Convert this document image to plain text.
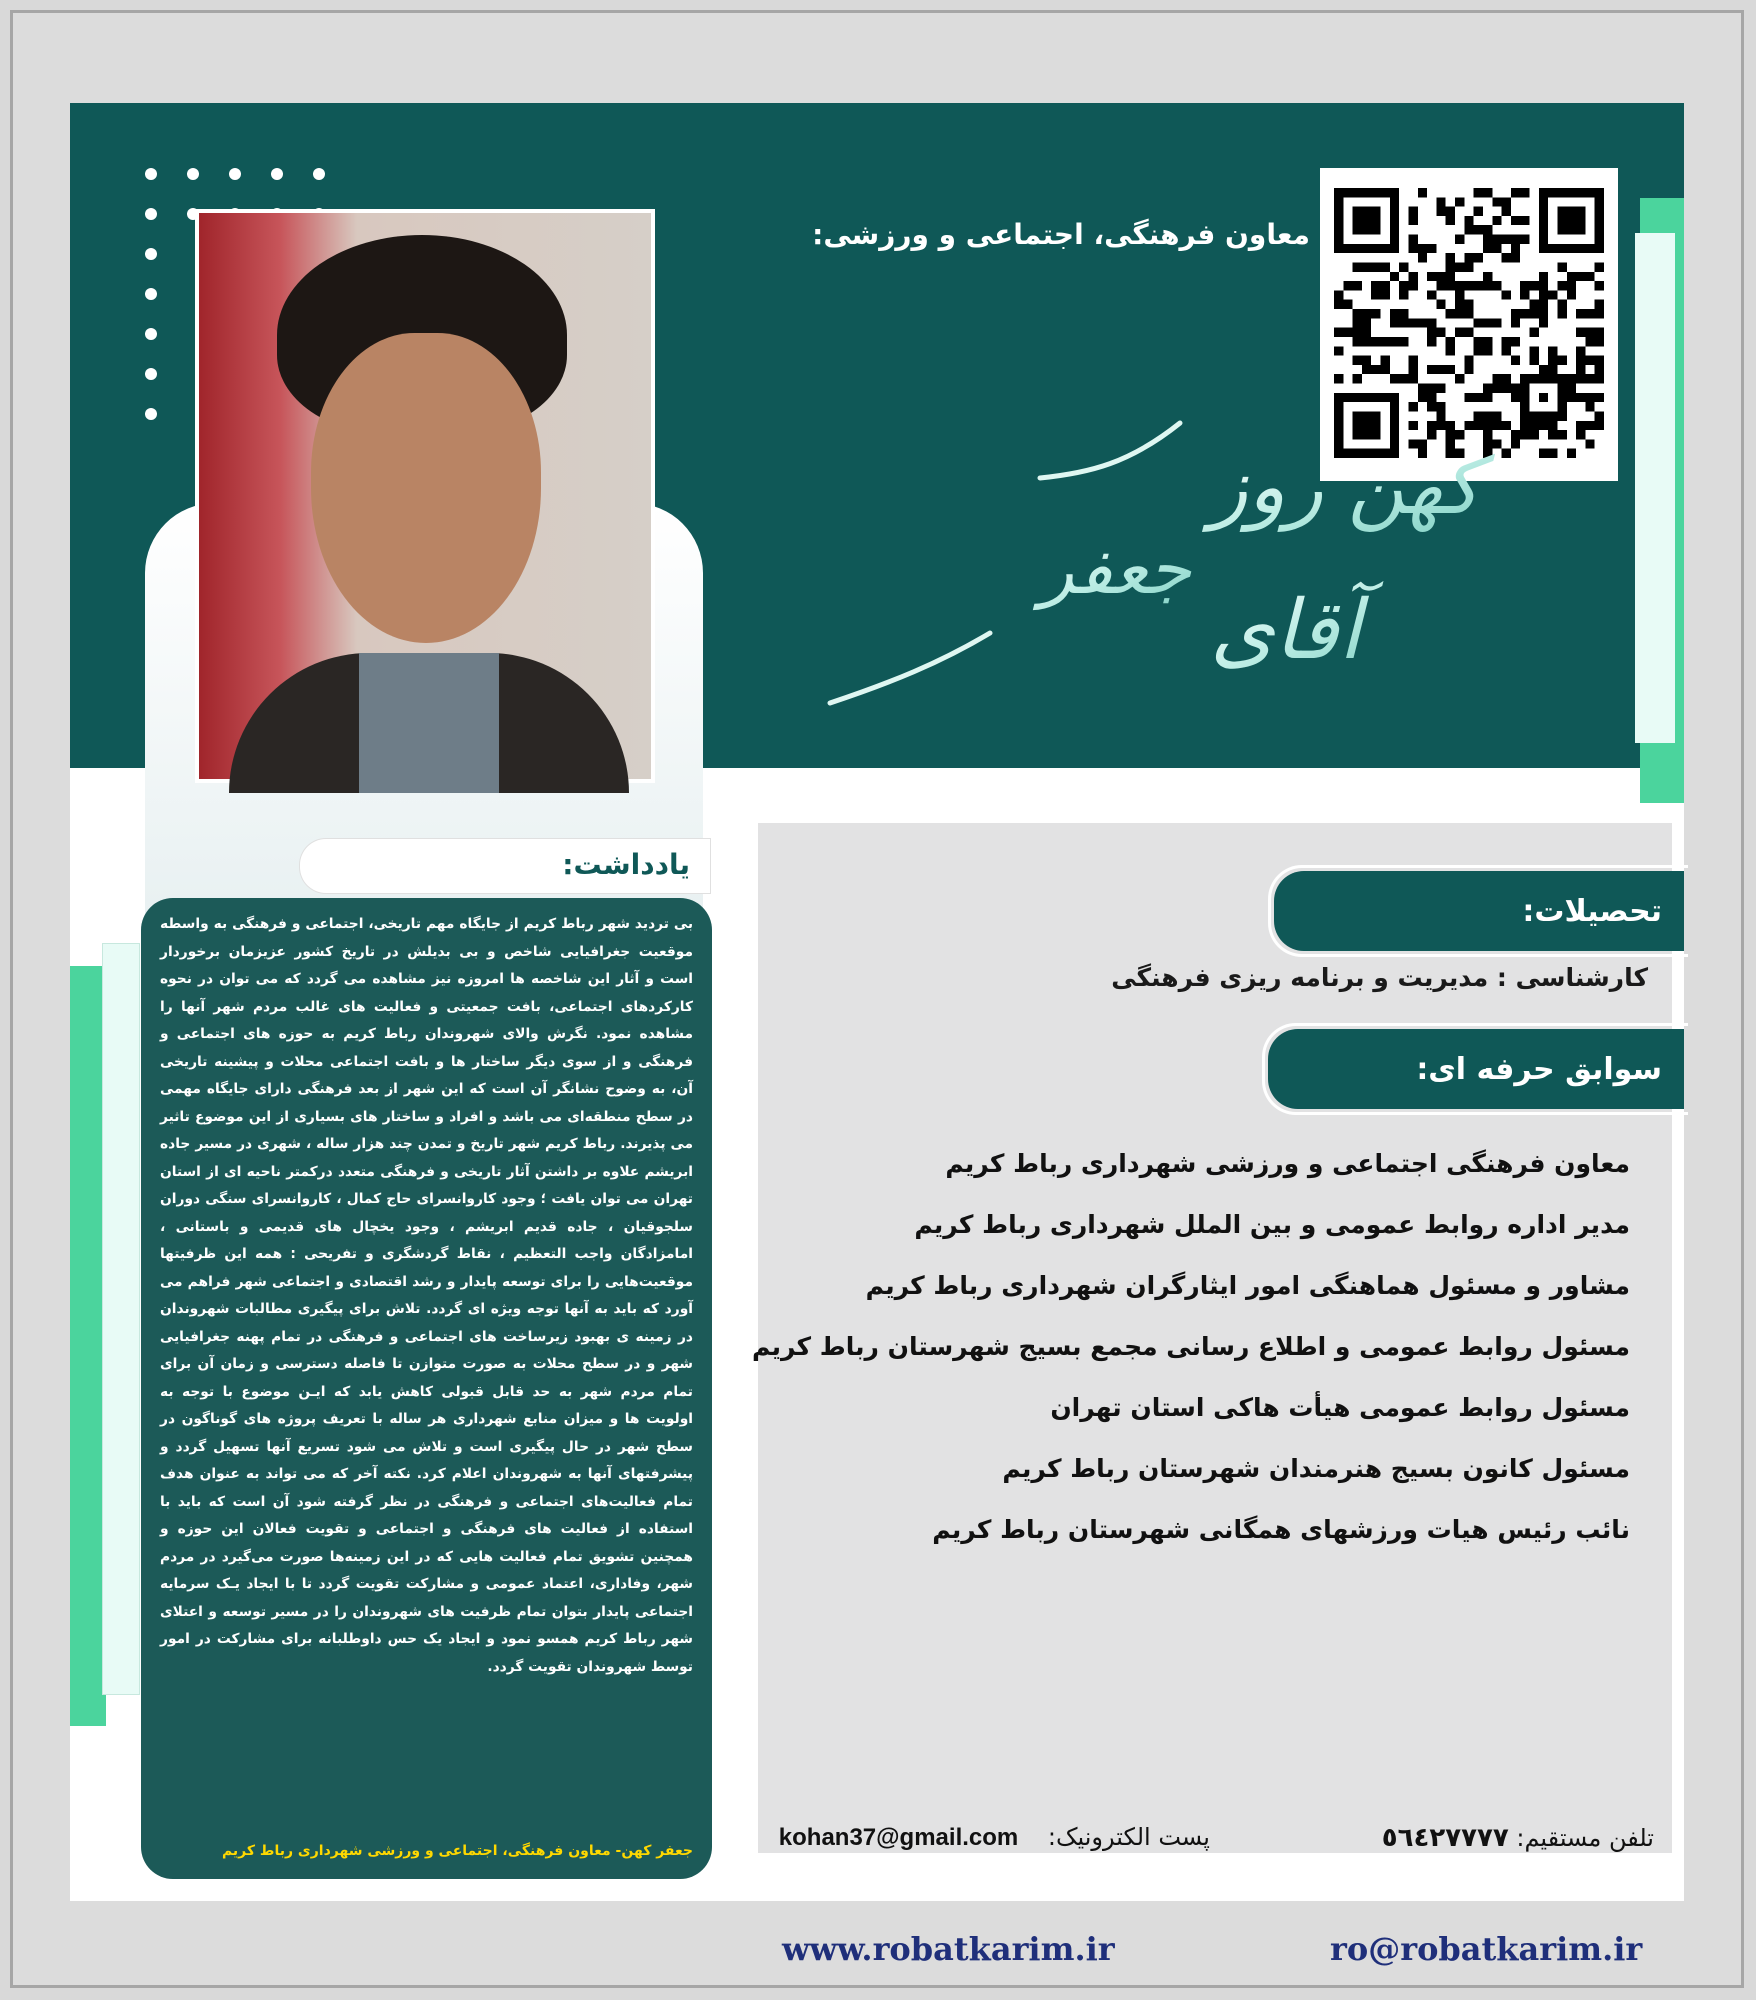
معاون فرهنگی، اجتماعی و ورزشی:
کهن روز
جعفر
آقای
تحصیلات:
کارشناسی : مدیریت و برنامه ریزی فرهنگی
سوابق حرفه ای:
معاون فرهنگی اجتماعی و ورزشی شهرداری رباط کریم
مدیر اداره روابط عمومی و بین الملل شهرداری رباط کریم
مشاور و مسئول هماهنگی امور ایثارگران شهرداری رباط کریم
مسئول روابط عمومی و اطلاع رسانی مجمع بسیج شهرستان رباط کریم
مسئول روابط عمومی هیأت هاکی استان تهران
مسئول کانون بسیج هنرمندان شهرستان رباط کریم
نائب رئیس هیات ورزشهای همگانی شهرستان رباط کریم
تلفن مستقیم: ٥٦٤٢٧٧٧٧
پست الکترونیک: kohan37@gmail.com
یادداشت:
بی تردید شهر رباط کریم از جایگاه مهم تاریخی، اجتماعی و فرهنگی به واسطه موقعیت جغرافیایی شاخص و بی بدیلش در تاریخ کشور عزیزمان برخوردار است و آثار این شاخصه ها امروزه نیز مشاهده می گردد که می توان در نحوه کارکردهای اجتماعی، بافت جمعیتی و فعالیت های غالب مردم شهر آنها را مشاهده نمود. نگرش والای شهروندان رباط کریم به حوزه های اجتماعی و فرهنگی و از سوی دیگر ساختار ها و بافت اجتماعی محلات و پیشینه تاریخی آن، به وضوح نشانگر آن است که این شهر از بعد فرهنگی دارای جایگاه مهمی در سطح منطقه‌ای می باشد و افراد و ساختار های بسیاری از این موضوع تاثیر می پذیرند. رباط کریم شهر تاریخ و تمدن چند هزار ساله ، شهری در مسیر جاده ابریشم علاوه بر داشتن آثار تاریخی و فرهنگی متعدد درکمتر ناحیه ای از استان تهران می توان یافت ؛ وجود کاروانسرای حاج کمال ، کاروانسرای سنگی دوران سلجوقیان ، جاده قدیم ابریشم ، وجود یخچال های قدیمی و باستانی ، امامزادگان واجب التعظیم ، نقاط گردشگری و تفریحی : همه این ظرفیتها موقعیت‌هایی را برای توسعه پایدار و رشد اقتصادی و اجتماعی شهر فراهم می آورد که باید به آنها توجه ویژه ای گردد. تلاش برای پیگیری مطالبات شهروندان در زمینه ی بهبود زیرساخت های اجتماعی و فرهنگی در تمام پهنه جغرافیایی شهر و در سطح محلات به صورت متوازن تا فاصله دسترسی و زمان آن برای تمام مردم شهر به حد قابل قبولی کاهش یابد که ایـن موضوع با توجه به اولویت ها و میزان منابع شهرداری هر ساله با تعریف پروژه های گوناگون در سطح شهر در حال پیگیری است و تلاش می شود تسریع آنها تسهیل گردد و پیشرفتهای آنها به شهروندان اعلام کرد. نکته آخر که می تواند به عنوان هدف تمام فعالیت‌های اجتماعی و فرهنگی در نظر گرفته شود آن است که باید با استفاده از فعالیت های فرهنگی و اجتماعی و تقویت فعالان این حوزه و همچنین تشویق تمام فعالیت هایی که در این زمینه‌ها صورت می‌گیرد در مردم شهر، وفاداری، اعتماد عمومی و مشارکت تقویت گردد تا با ایجاد یـک سرمایه اجتماعی پایدار بتوان تمام ظرفیت های شهروندان را در مسیر توسعه و اعتلای شهر رباط کریم همسو نمود و ایجاد یک حس داوطلبانه برای مشارکت در امور توسط شهروندان تقویت گردد.
جعفر کهن- معاون فرهنگی، اجتماعی و ورزشی شهرداری رباط کریم
www.robatkarim.ir	ro@robatkarim.ir
